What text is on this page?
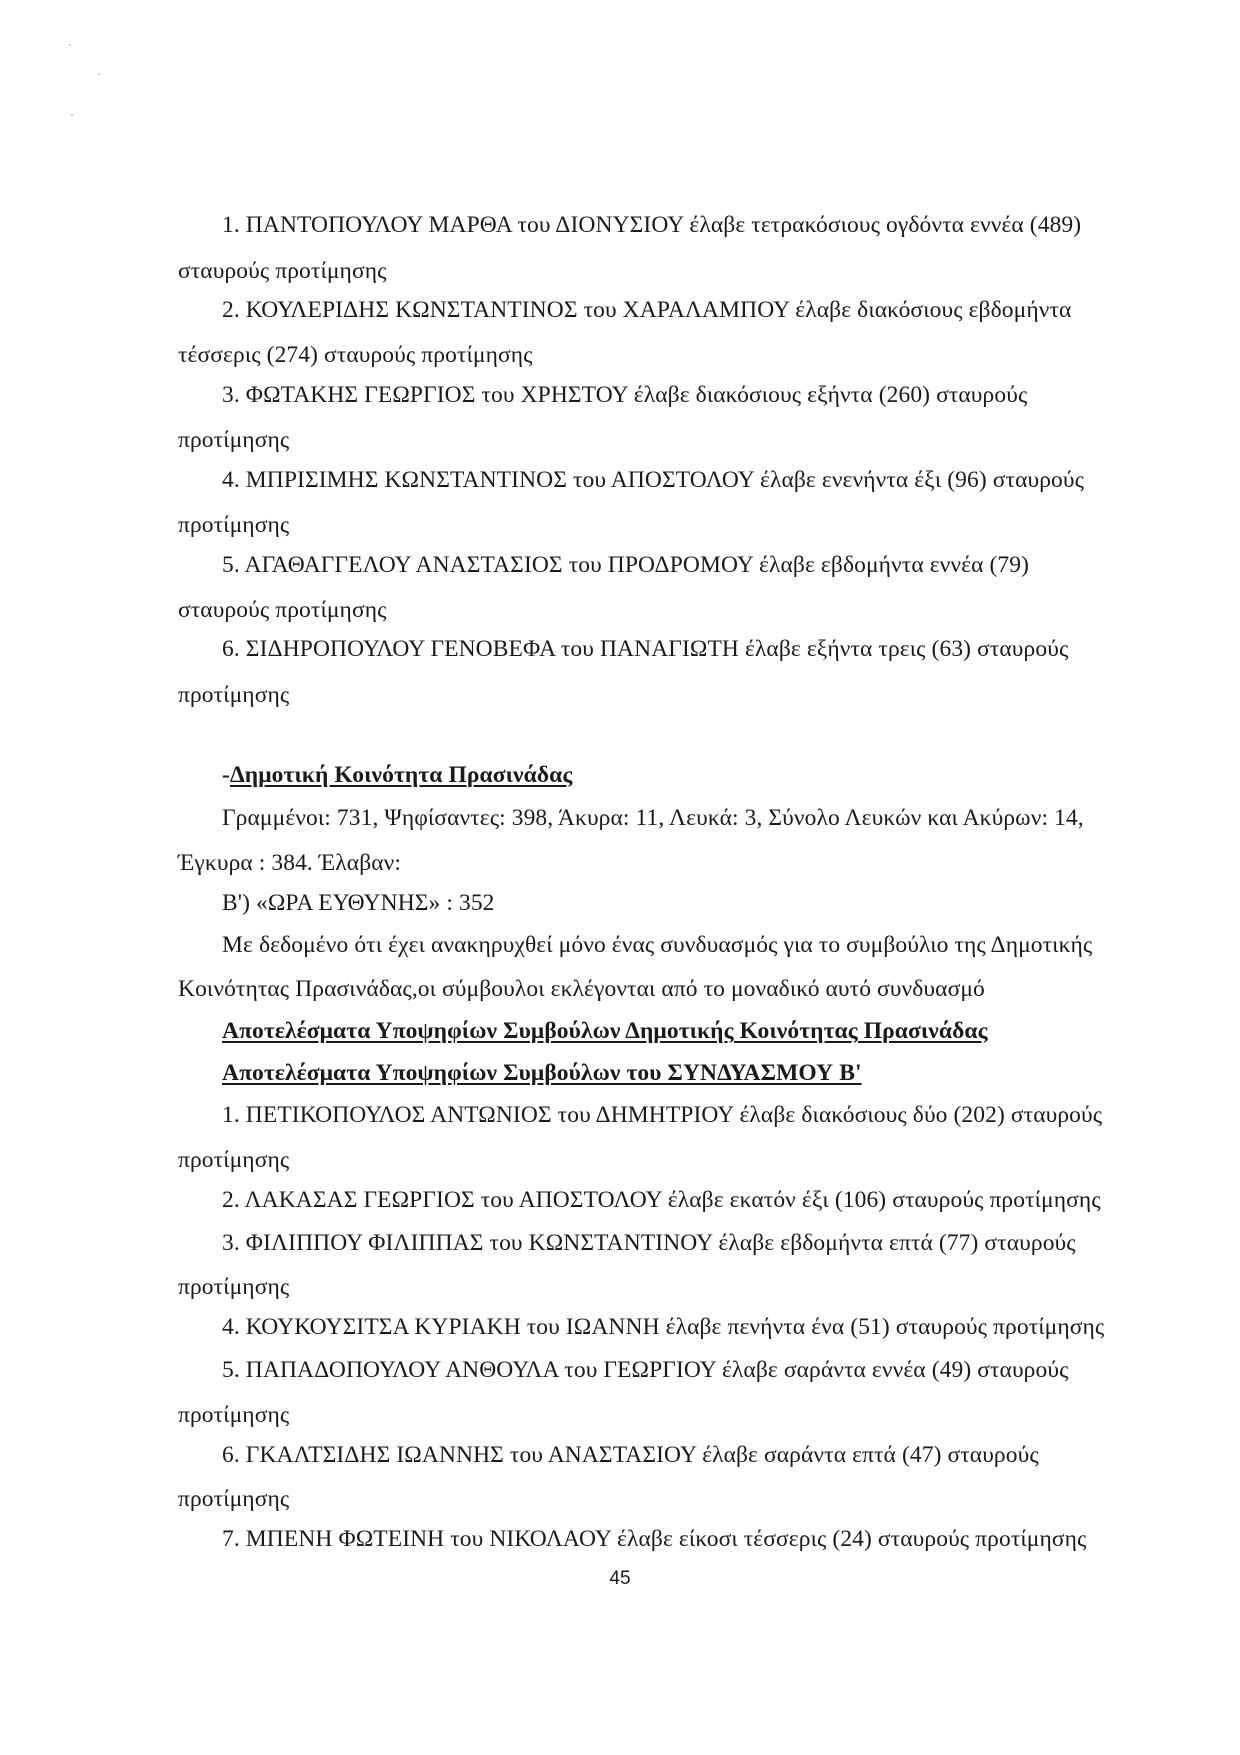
1. ΠΑΝΤΟΠΟΥΛΟΥ ΜΑΡΘΑ του ΔΙΟΝΥΣΙΟΥ έλαβε τετρακόσιους ογδόντα εννέα (489)
σταυρούς προτίμησης
2. ΚΟΥΛΕΡΙΔΗΣ ΚΩΝΣΤΑΝΤΙΝΟΣ του ΧΑΡΑΛΑΜΠΟΥ έλαβε διακόσιους εβδομήντα
τέσσερις (274) σταυρούς προτίμησης
3. ΦΩΤΑΚΗΣ ΓΕΩΡΓΙΟΣ του ΧΡΗΣΤΟΥ έλαβε διακόσιους εξήντα (260) σταυρούς
προτίμησης
4. ΜΠΡΙΣΙΜΗΣ ΚΩΝΣΤΑΝΤΙΝΟΣ του ΑΠΟΣΤΟΛΟΥ έλαβε ενενήντα έξι (96) σταυρούς
προτίμησης
5. ΑΓΑΘΑΓΓΕΛΟΥ ΑΝΑΣΤΑΣΙΟΣ του ΠΡΟΔΡΟΜΟΥ έλαβε εβδομήντα εννέα (79)
σταυρούς προτίμησης
6. ΣΙΔΗΡΟΠΟΥΛΟΥ ΓΕΝΟΒΕΦΑ του ΠΑΝΑΓΙΩΤΗ έλαβε εξήντα τρεις (63) σταυρούς
προτίμησης
-Δημοτική Κοινότητα Πρασινάδας
Γραμμένοι: 731, Ψηφίσαντες: 398, Άκυρα: 11, Λευκά: 3, Σύνολο Λευκών και Ακύρων: 14,
Έγκυρα : 384. Έλαβαν:
Β') «ΩΡΑ ΕΥΘΥΝΗΣ» : 352
Με δεδομένο ότι έχει ανακηρυχθεί μόνο ένας συνδυασμός για το συμβούλιο της Δημοτικής
Κοινότητας Πρασινάδας,οι σύμβουλοι εκλέγονται από το μοναδικό αυτό συνδυασμό
Αποτελέσματα Υποψηφίων Συμβούλων Δημοτικής Κοινότητας Πρασινάδας
Αποτελέσματα Υποψηφίων Συμβούλων του ΣΥΝΔΥΑΣΜΟΥ Β'
1. ΠΕΤΙΚΟΠΟΥΛΟΣ ΑΝΤΩΝΙΟΣ του ΔΗΜΗΤΡΙΟΥ έλαβε διακόσιους δύο (202) σταυρούς
προτίμησης
2. ΛΑΚΑΣΑΣ ΓΕΩΡΓΙΟΣ του ΑΠΟΣΤΟΛΟΥ έλαβε εκατόν έξι (106) σταυρούς προτίμησης
3. ΦΙΛΙΠΠΟΥ ΦΙΛΙΠΠΑΣ του ΚΩΝΣΤΑΝΤΙΝΟΥ έλαβε εβδομήντα επτά (77) σταυρούς
προτίμησης
4. ΚΟΥΚΟΥΣΙΤΣΑ ΚΥΡΙΑΚΗ του ΙΩΑΝΝΗ έλαβε πενήντα ένα (51) σταυρούς προτίμησης
5. ΠΑΠΑΔΟΠΟΥΛΟΥ ΑΝΘΟΥΛΑ του ΓΕΩΡΓΙΟΥ έλαβε σαράντα εννέα (49) σταυρούς
προτίμησης
6. ΓΚΑΛΤΣΙΔΗΣ ΙΩΑΝΝΗΣ του ΑΝΑΣΤΑΣΙΟΥ έλαβε σαράντα επτά (47) σταυρούς
προτίμησης
7. ΜΠΕΝΗ ΦΩΤΕΙΝΗ του ΝΙΚΟΛΑΟΥ έλαβε είκοσι τέσσερις (24) σταυρούς προτίμησης
45
